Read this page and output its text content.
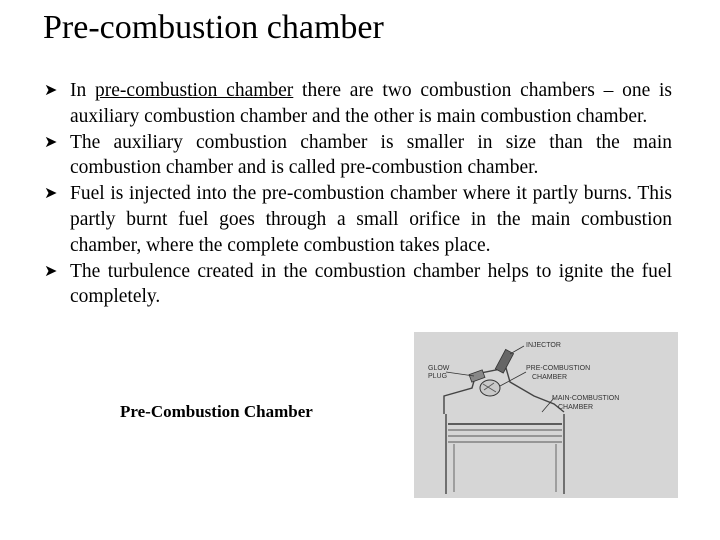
Pre-combustion chamber
➤ In pre-combustion chamber there are two combustion chambers – one is auxiliary combustion chamber and the other is main combustion chamber.
➤ The auxiliary combustion chamber is smaller in size than the main combustion chamber and is called pre-combustion chamber.
➤ Fuel is injected into the pre-combustion chamber where it partly burns. This partly burnt fuel goes through a small orifice in the main combustion chamber, where the complete combustion takes place.
➤ The turbulence created in the combustion chamber helps to ignite the fuel completely.
Pre-Combustion Chamber
INJECTOR
GLOW
PLUG
PRE-COMBUSTION
CHAMBER
MAIN-COMBUSTION
CHAMBER
